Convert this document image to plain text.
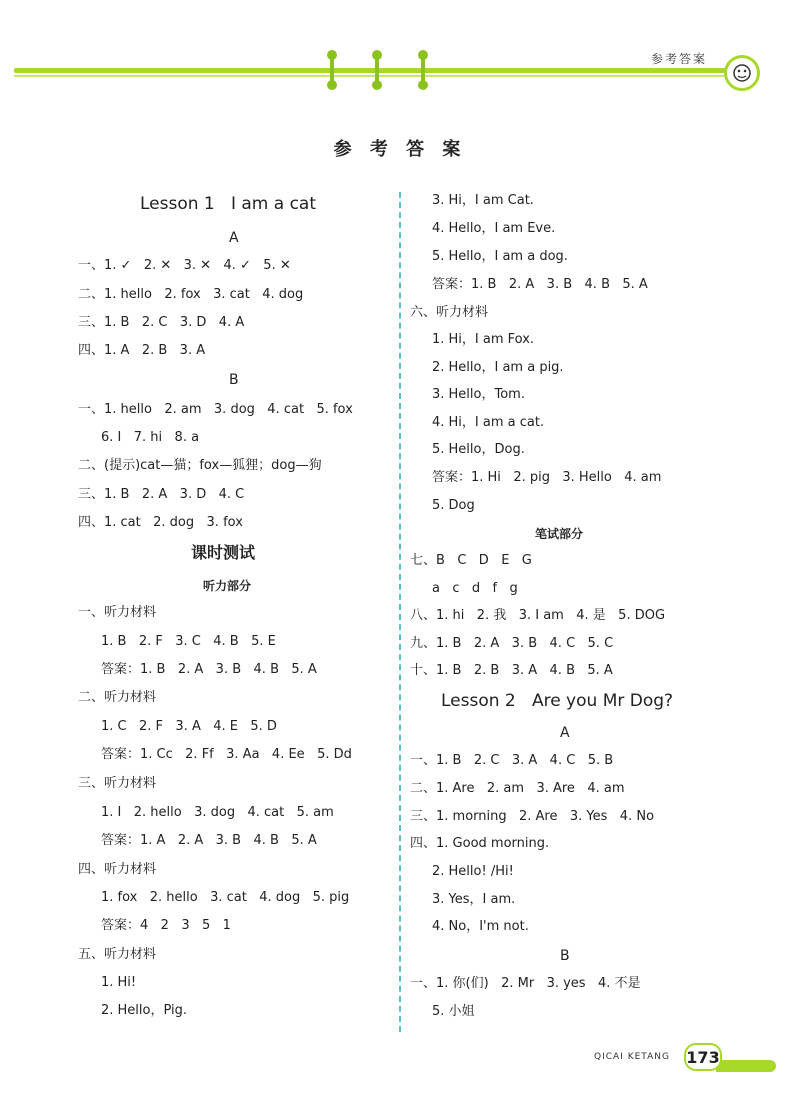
参考答案
参 考 答 案
Lesson 1   I am a cat
A
一、1. ✓   2. ✕   3. ✕   4. ✓   5. ✕
二、1. hello   2. fox   3. cat   4. dog
三、1. B   2. C   3. D   4. A
四、1. A   2. B   3. A
B
一、1. hello   2. am   3. dog   4. cat   5. fox
6. I   7. hi   8. a
二、(提示)cat—猫；fox—狐狸；dog—狗
三、1. B   2. A   3. D   4. C
四、1. cat   2. dog   3. fox
课时测试
听力部分
一、听力材料
1. B   2. F   3. C   4. B   5. E
答案：1. B   2. A   3. B   4. B   5. A
二、听力材料
1. C   2. F   3. A   4. E   5. D
答案：1. Cc   2. Ff   3. Aa   4. Ee   5. Dd
三、听力材料
1. I   2. hello   3. dog   4. cat   5. am
答案：1. A   2. A   3. B   4. B   5. A
四、听力材料
1. fox   2. hello   3. cat   4. dog   5. pig
答案：4   2   3   5   1
五、听力材料
1. Hi!
2. Hello，Pig.
3. Hi，I am Cat.
4. Hello，I am Eve.
5. Hello，I am a dog.
答案：1. B   2. A   3. B   4. B   5. A
六、听力材料
1. Hi，I am Fox.
2. Hello，I am a pig.
3. Hello，Tom.
4. Hi，I am a cat.
5. Hello，Dog.
答案：1. Hi   2. pig   3. Hello   4. am
5. Dog
笔试部分
七、B   C   D   E   G
a   c   d   f   g
八、1. hi   2. 我   3. I am   4. 是   5. DOG
九、1. B   2. A   3. B   4. C   5. C
十、1. B   2. B   3. A   4. B   5. A
Lesson 2   Are you Mr Dog?
A
一、1. B   2. C   3. A   4. C   5. B
二、1. Are   2. am   3. Are   4. am
三、1. morning   2. Are   3. Yes   4. No
四、1. Good morning.
2. Hello! /Hi!
3. Yes，I am.
4. No，I'm not.
B
一、1. 你(们)   2. Mr   3. yes   4. 不是
5. 小姐
QICAI KETANG 173
